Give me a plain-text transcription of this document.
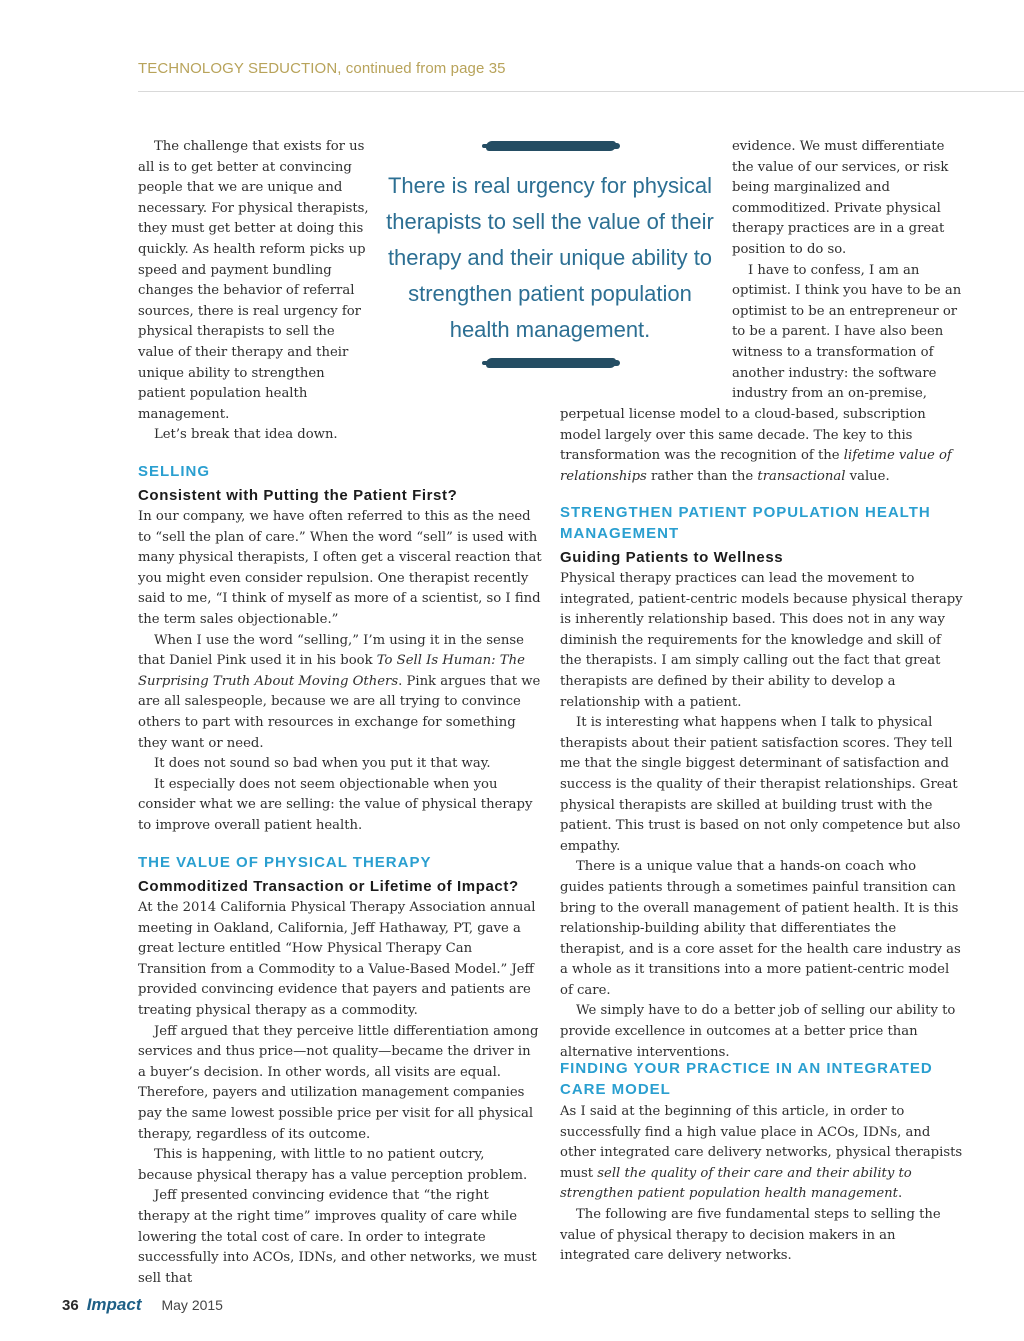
TECHNOLOGY SEDUCTION, continued from page 35

The challenge that exists for us all is to get better at convincing people that we are unique and necessary. For physical therapists, they must get better at doing this quickly. As health reform picks up speed and payment bundling changes the behavior of referral sources, there is real urgency for physical therapists to sell the value of their therapy and their unique ability to strengthen patient population health management.

Let’s break that idea down.

There is real urgency for physical therapists to sell the value of their therapy and their unique ability to strengthen patient population health management.

evidence. We must differentiate the value of our services, or risk being marginalized and commoditized. Private physical therapy practices are in a great position to do so.

I have to confess, I am an optimist. I think you have to be an optimist to be an entrepreneur or to be a parent. I have also been witness to a transformation of another industry: the software industry from an on-premise,

perpetual license model to a cloud-based, subscription model largely over this same decade. The key to this transformation was the recognition of the lifetime value of relationships rather than the transactional value.

SELLING
Consistent with Putting the Patient First?

In our company, we have often referred to this as the need to “sell the plan of care.” When the word “sell” is used with many physical therapists, I often get a visceral reaction that you might even consider repulsion. One therapist recently said to me, “I think of myself as more of a scientist, so I find the term sales objectionable.”

When I use the word “selling,” I’m using it in the sense that Daniel Pink used it in his book To Sell Is Human: The Surprising Truth About Moving Others. Pink argues that we are all salespeople, because we are all trying to convince others to part with resources in exchange for something they want or need.

It does not sound so bad when you put it that way.

It especially does not seem objectionable when you consider what we are selling: the value of physical therapy to improve overall patient health.

THE VALUE OF PHYSICAL THERAPY
Commoditized Transaction or Lifetime of Impact?

At the 2014 California Physical Therapy Association annual meeting in Oakland, California, Jeff Hathaway, PT, gave a great lecture entitled “How Physical Therapy Can Transition from a Commodity to a Value-Based Model.” Jeff provided convincing evidence that payers and patients are treating physical therapy as a commodity.

Jeff argued that they perceive little differentiation among services and thus price—not quality—became the driver in a buyer’s decision. In other words, all visits are equal. Therefore, payers and utilization management companies pay the same lowest possible price per visit for all physical therapy, regardless of its outcome.

This is happening, with little to no patient outcry, because physical therapy has a value perception problem.

Jeff presented convincing evidence that “the right therapy at the right time” improves quality of care while lowering the total cost of care. In order to integrate successfully into ACOs, IDNs, and other networks, we must sell that

STRENGTHEN PATIENT POPULATION HEALTH MANAGEMENT
Guiding Patients to Wellness

Physical therapy practices can lead the movement to integrated, patient-centric models because physical therapy is inherently relationship based. This does not in any way diminish the requirements for the knowledge and skill of the therapists. I am simply calling out the fact that great therapists are defined by their ability to develop a relationship with a patient.

It is interesting what happens when I talk to physical therapists about their patient satisfaction scores. They tell me that the single biggest determinant of satisfaction and success is the quality of their therapist relationships. Great physical therapists are skilled at building trust with the patient. This trust is based on not only competence but also empathy.

There is a unique value that a hands-on coach who guides patients through a sometimes painful transition can bring to the overall management of patient health. It is this relationship-building ability that differentiates the therapist, and is a core asset for the health care industry as a whole as it transitions into a more patient-centric model of care.

We simply have to do a better job of selling our ability to provide excellence in outcomes at a better price than alternative interventions.

FINDING YOUR PRACTICE IN AN INTEGRATED CARE MODEL

As I said at the beginning of this article, in order to successfully find a high value place in ACOs, IDNs, and other integrated care delivery networks, physical therapists must sell the quality of their care and their ability to strengthen patient population health management.

The following are five fundamental steps to selling the value of physical therapy to decision makers in an integrated care delivery networks.

36 Impact May 2015
